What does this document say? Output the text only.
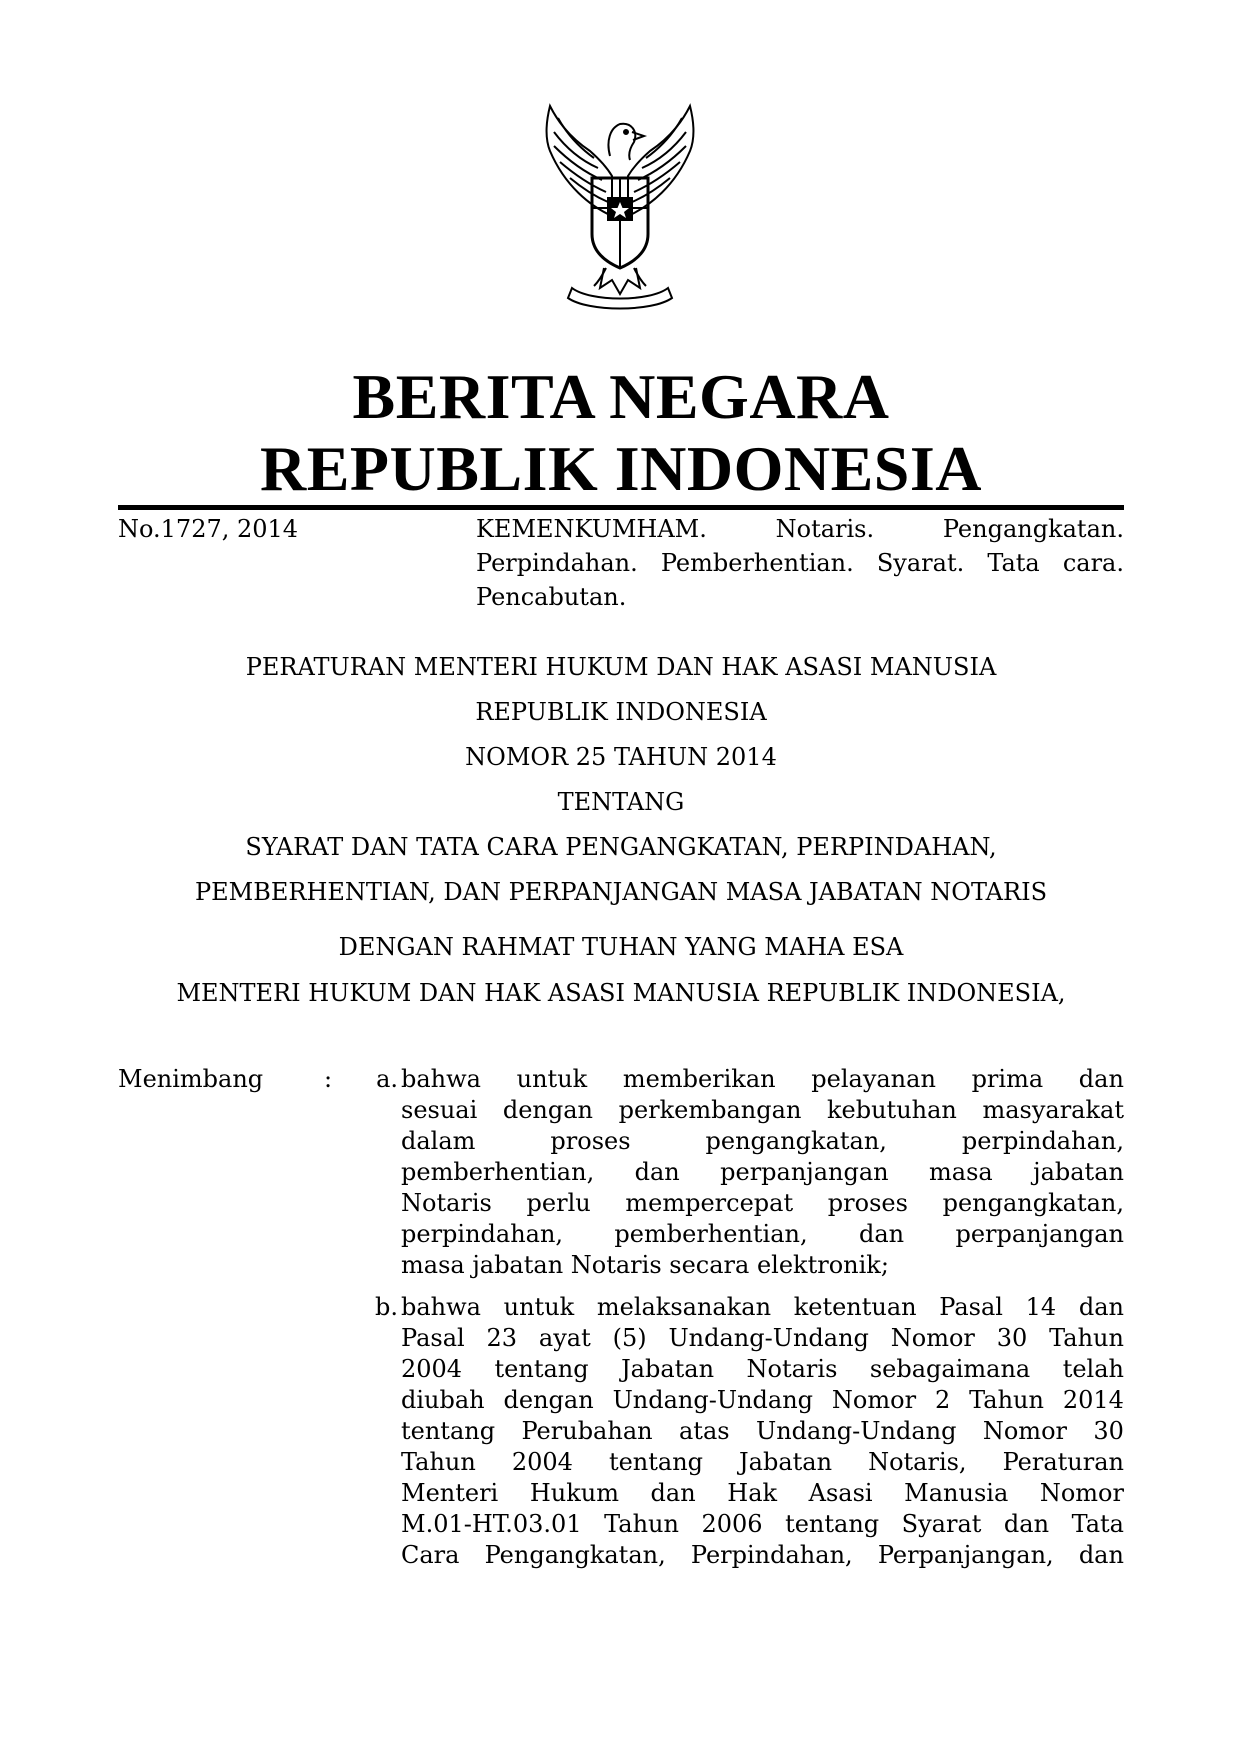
BERITA NEGARA
REPUBLIK INDONESIA
No.1727, 2014	KEMENKUMHAM.	Notaris.	Pengangkatan.
Perpindahan. Pemberhentian. Syarat. Tata cara.
Pencabutan.
PERATURAN MENTERI HUKUM DAN HAK ASASI MANUSIA
REPUBLIK INDONESIA
NOMOR 25 TAHUN 2014
TENTANG
SYARAT DAN TATA CARA PENGANGKATAN, PERPINDAHAN,
PEMBERHENTIAN, DAN PERPANJANGAN MASA JABATAN NOTARIS
DENGAN RAHMAT TUHAN YANG MAHA ESA
MENTERI HUKUM DAN HAK ASASI MANUSIA REPUBLIK INDONESIA,
Menimbang	:	a. bahwa untuk memberikan pelayanan prima dan
sesuai dengan perkembangan kebutuhan masyarakat
dalam	proses	pengangkatan,	perpindahan,
pemberhentian, dan perpanjangan masa jabatan
Notaris perlu mempercepat proses pengangkatan,
perpindahan, pemberhentian, dan perpanjangan
masa jabatan Notaris secara elektronik;
b. bahwa untuk melaksanakan ketentuan Pasal 14 dan
Pasal 23 ayat (5) Undang-Undang Nomor 30 Tahun
2004 tentang Jabatan Notaris sebagaimana telah
diubah dengan Undang-Undang Nomor 2 Tahun 2014
tentang Perubahan atas Undang-Undang Nomor 30
Tahun 2004 tentang Jabatan Notaris, Peraturan
Menteri Hukum dan Hak Asasi Manusia Nomor
M.01-HT.03.01 Tahun 2006 tentang Syarat dan Tata
Cara Pengangkatan, Perpindahan, Perpanjangan, dan
